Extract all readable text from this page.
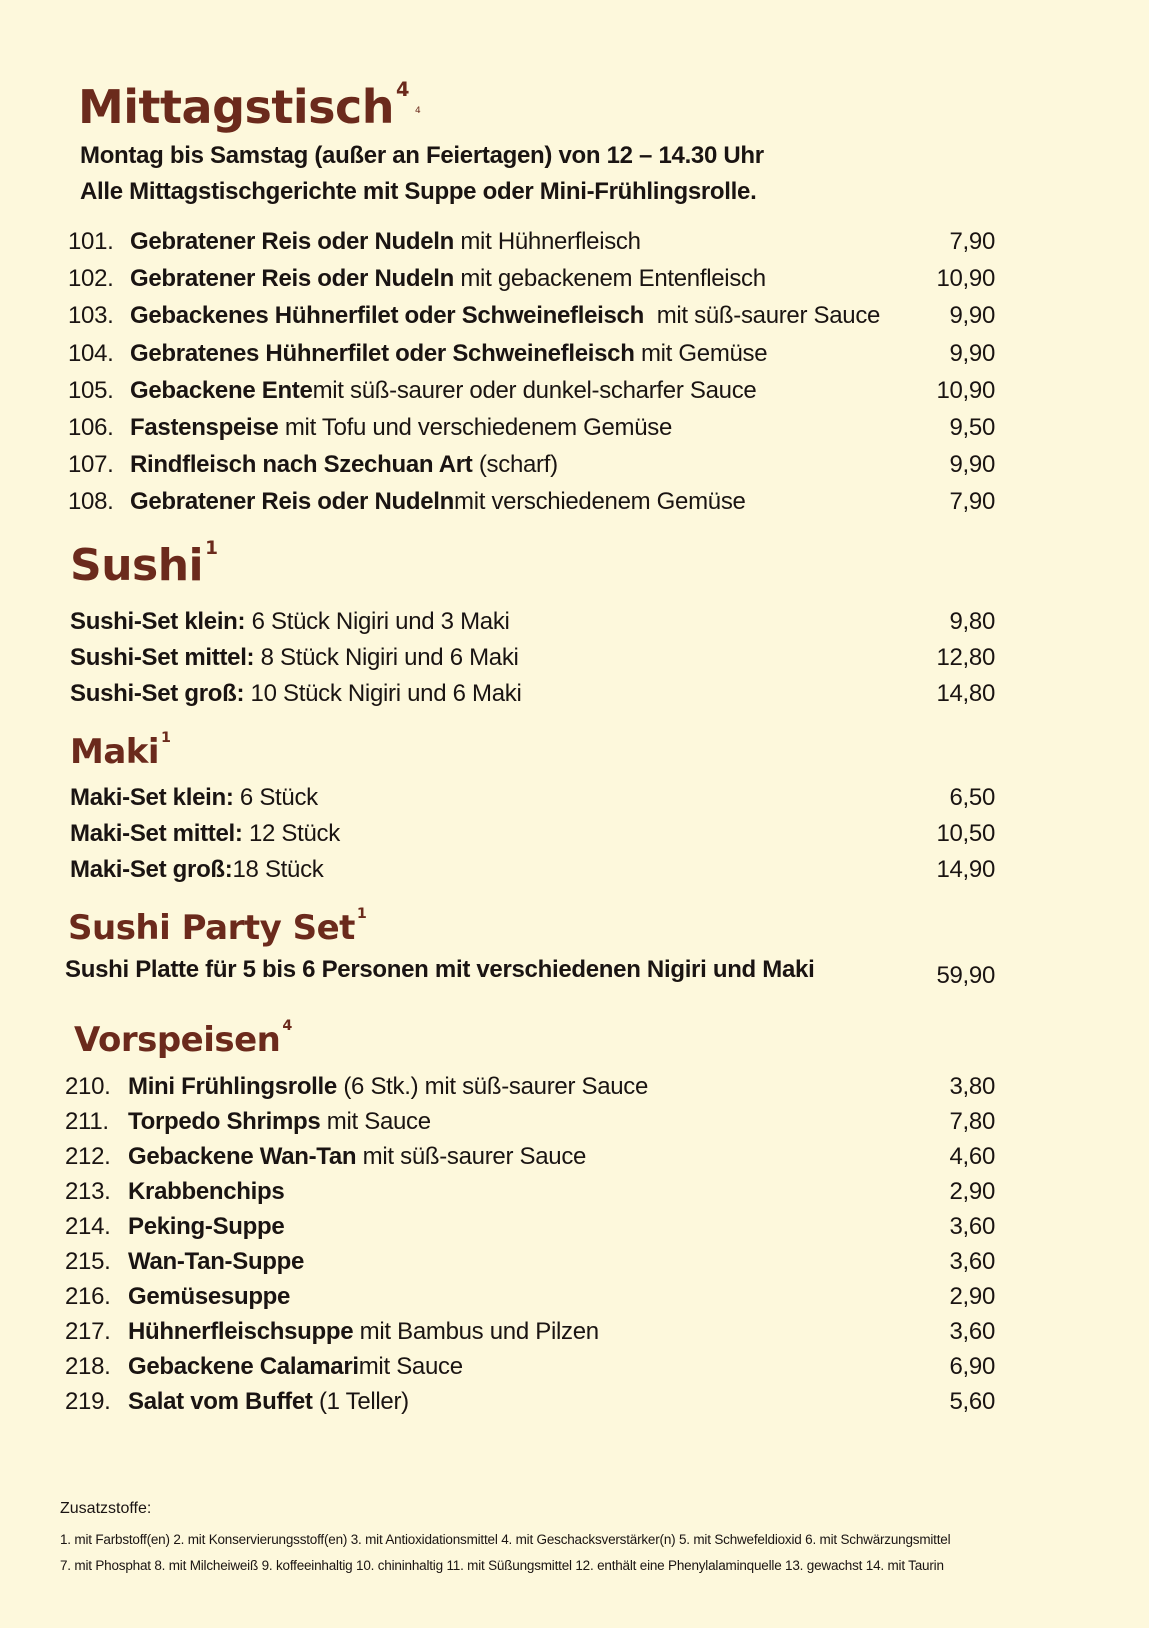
Mittagstisch $^4$4
Montag bis Samstag (außer an Feiertagen) von 12 – 14.30 Uhr
Alle Mittagstischgerichte mit Suppe oder Mini-Frühlingsrolle.
101. Gebratener Reis oder Nudeln mit Hühnerfleisch	7,90
102. Gebratener Reis oder Nudeln mit gebackenem Entenfleisch	10,90
103. Gebackenes Hühnerfilet oder Schweinefleisch  mit süß-saurer Sauce	9,90
104. Gebratenes Hühnerfilet oder Schweinefleisch mit Gemüse	9,90
105. Gebackene Entemit süß-saurer oder dunkel-scharfer Sauce	10,90
106. Fastenspeise mit Tofu und verschiedenem Gemüse	9,50
107. Rindfleisch nach Szechuan Art (scharf)	9,90
108. Gebratener Reis oder Nudelnmit verschiedenem Gemüse	7,90
Sushi $^1$
Sushi-Set klein: 6 Stück Nigiri und 3 Maki	9,80
Sushi-Set mittel: 8 Stück Nigiri und 6 Maki	12,80
Sushi-Set groß: 10 Stück Nigiri und 6 Maki	14,80
Maki $^1$
Maki-Set klein: 6 Stück	6,50
Maki-Set mittel: 12 Stück	10,50
Maki-Set groß:18 Stück	14,90
Sushi Party Set $^1$
Sushi Platte für 5 bis 6 Personen mit verschiedenen Nigiri und Maki	59,90
Vorspeisen $^4$
210. Mini Frühlingsrolle (6 Stk.) mit süß-saurer Sauce	3,80
211. Torpedo Shrimps mit Sauce	7,80
212. Gebackene Wan-Tan mit süß-saurer Sauce	4,60
213. Krabbenchips	2,90
214. Peking-Suppe	3,60
215. Wan-Tan-Suppe	3,60
216. Gemüsesuppe	2,90
217. Hühnerfleischsuppe mit Bambus und Pilzen	3,60
218. Gebackene Calamarimit Sauce	6,90
219. Salat vom Buffet (1 Teller)	5,60
Zusatzstoffe:
1. mit Farbstoff(en) 2. mit Konservierungsstoff(en) 3. mit Antioxidationsmittel 4. mit Geschacksverstärker(n) 5. mit Schwefeldioxid 6. mit Schwärzungsmittel
7. mit Phosphat 8. mit Milcheiweiß 9. koffeeinhaltig 10. chininhaltig 11. mit Süßungsmittel 12. enthält eine Phenylalaminquelle 13. gewachst 14. mit Taurin
